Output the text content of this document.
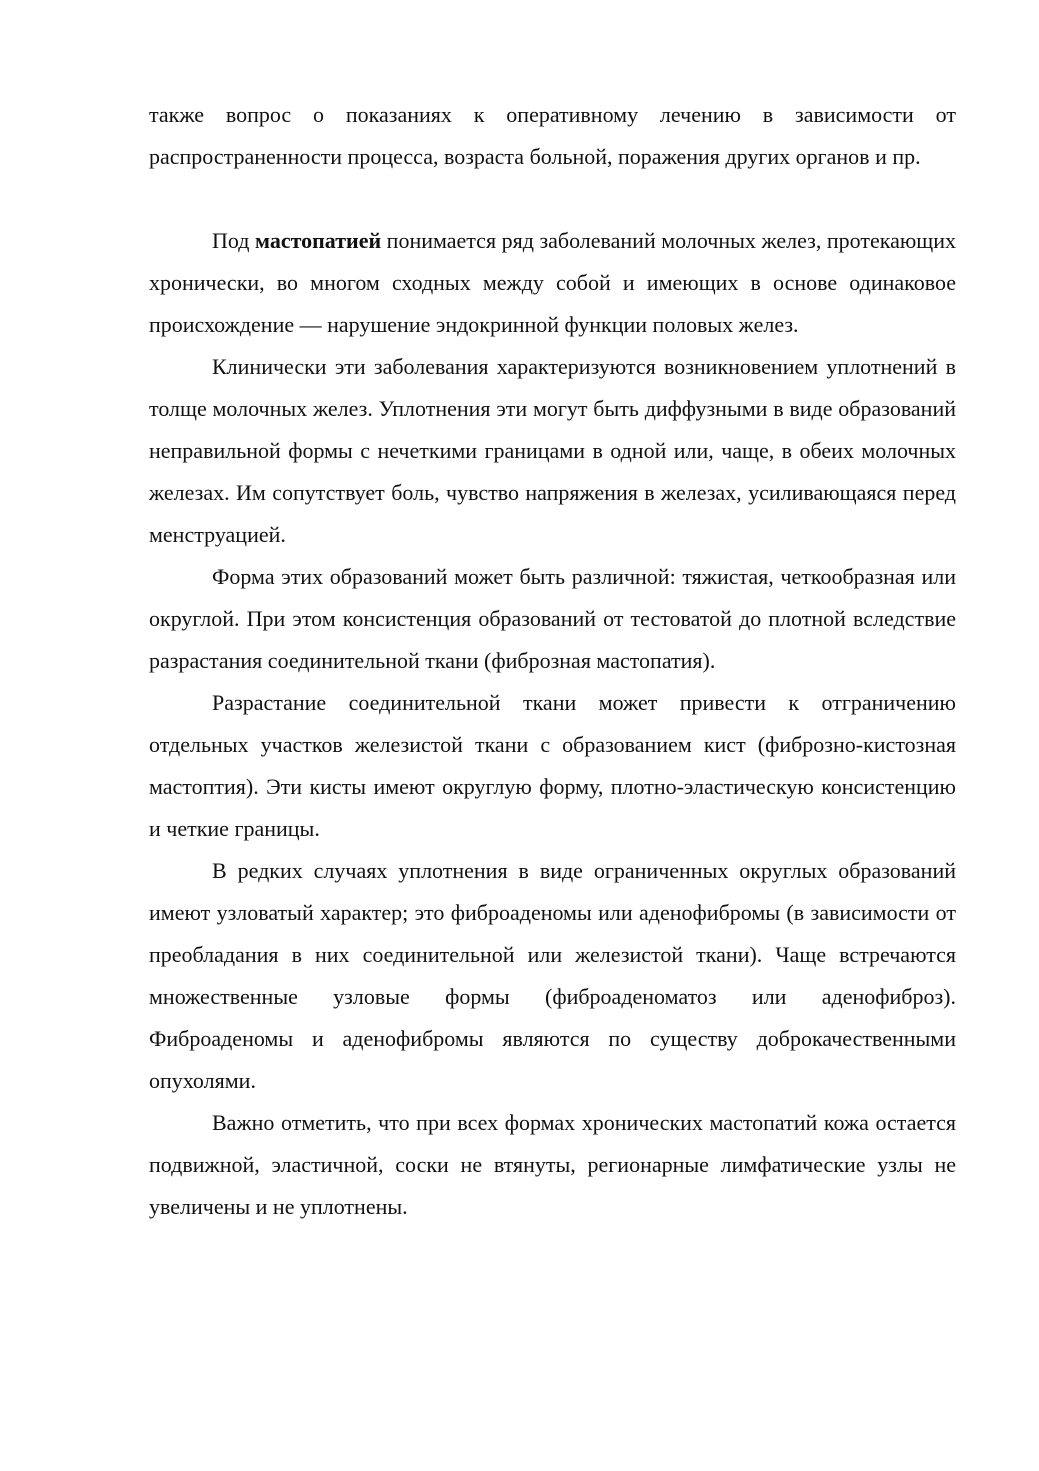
также вопрос о показаниях к оперативному лечению в зависимости от распространенности процесса, возраста больной, поражения других органов и пр.

Под мастопатией понимается ряд заболеваний молочных желез, протекающих хронически, во многом сходных между собой и имеющих в основе одинаковое происхождение — нарушение эндокринной функции половых желез.

Клинически эти заболевания характеризуются возникновением уплотнений в толще молочных желез. Уплотнения эти могут быть диффузными в виде образований неправильной формы с нечеткими границами в одной или, чаще, в обеих молочных железах. Им сопутствует боль, чувство напряжения в железах, усиливающаяся перед менструацией.

Форма этих образований может быть различной: тяжистая, четкообразная или округлой. При этом консистенция образований от тестоватой до плотной вследствие разрастания соединительной ткани (фиброзная мастопатия).

Разрастание соединительной ткани может привести к отграничению отдельных участков железистой ткани с образованием кист (фиброзно-кистозная мастоптия). Эти кисты имеют округлую форму, плотно-эластическую консистенцию и четкие границы.

В редких случаях уплотнения в виде ограниченных округлых образований имеют узловатый характер; это фиброаденомы или аденофибромы (в зависимости от преобладания в них соединительной или железистой ткани). Чаще встречаются множественные узловые формы (фиброаденоматоз или аденофиброз). Фиброаденомы и аденофибромы являются по существу доброкачественными опухолями.

Важно отметить, что при всех формах хронических мастопатий кожа остается подвижной, эластичной, соски не втянуты, регионарные лимфатические узлы не увеличены и не уплотнены.
